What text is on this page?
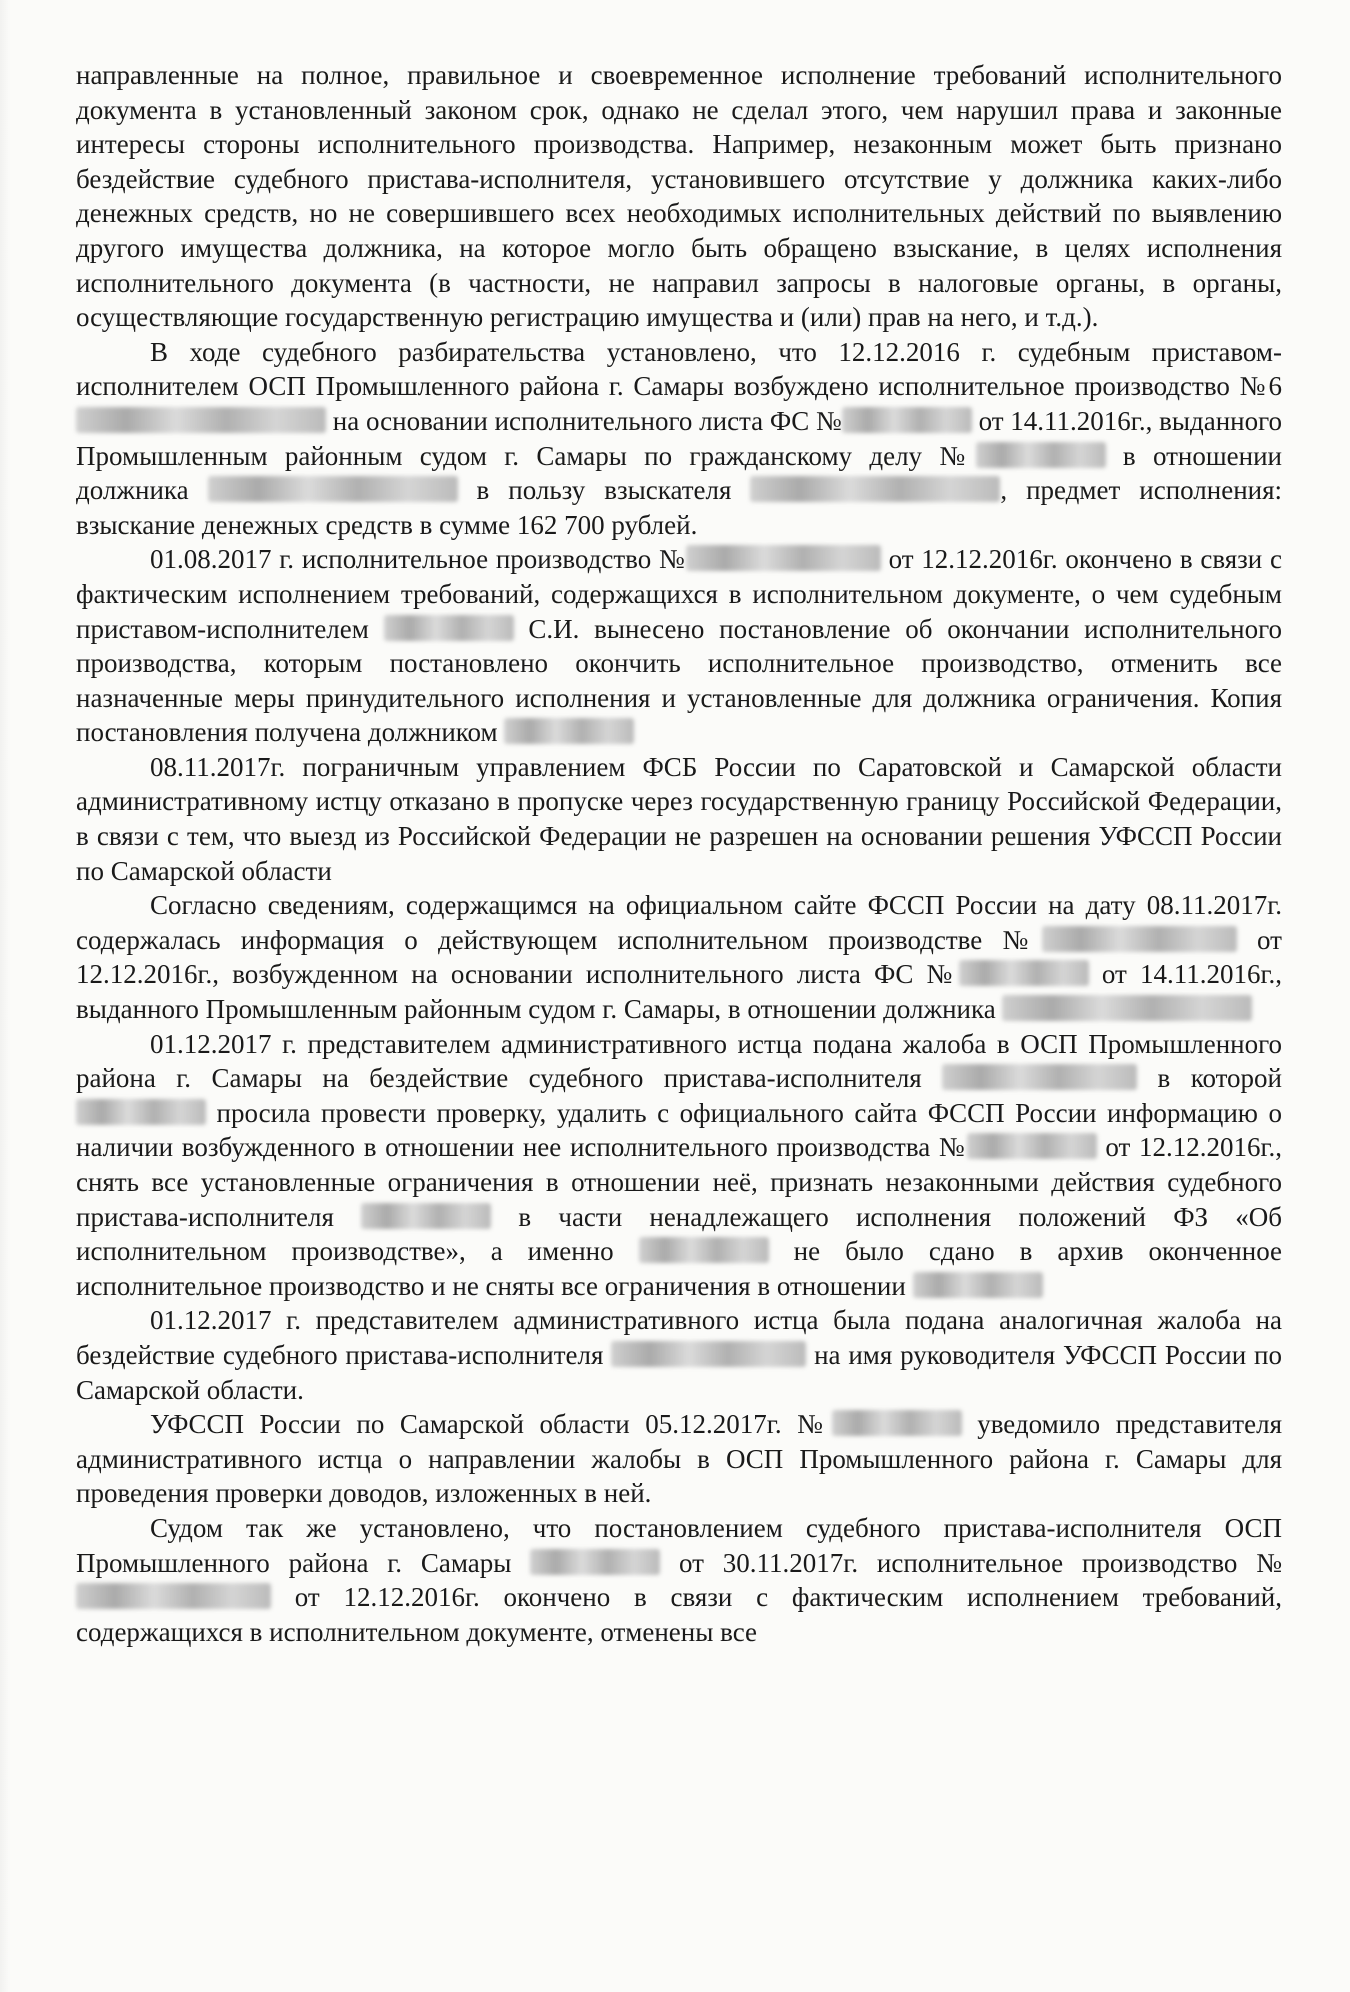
направленные на полное, правильное и своевременное исполнение требований исполнительного документа в установленный законом срок, однако не сделал этого, чем нарушил права и законные интересы стороны исполнительного производства. Например, незаконным может быть признано бездействие судебного пристава-исполнителя, установившего отсутствие у должника каких-либо денежных средств, но не совершившего всех необходимых исполнительных действий по выявлению другого имущества должника, на которое могло быть обращено взыскание, в целях исполнения исполнительного документа (в частности, не направил запросы в налоговые органы, в органы, осуществляющие государственную регистрацию имущества и (или) прав на него, и т.д.).

В ходе судебного разбирательства установлено, что 12.12.2016 г. судебным приставом-исполнителем ОСП Промышленного района г. Самары возбуждено исполнительное производство №6 на основании исполнительного листа ФС №	от 14.11.2016г., выданного Промышленным районным судом г. Самары по гражданскому делу №	в отношении должника	в пользу взыскателя	, предмет исполнения: взыскание денежных средств в сумме 162 700 рублей.

01.08.2017 г. исполнительное производство №	от 12.12.2016г. окончено в связи с фактическим исполнением требований, содержащихся в исполнительном документе, о чем судебным приставом-исполнителем	С.И. вынесено постановление об окончании исполнительного производства, которым постановлено окончить исполнительное производство, отменить все назначенные меры принудительного исполнения и установленные для должника ограничения. Копия постановления получена должником

08.11.2017г. пограничным управлением ФСБ России по Саратовской и Самарской области административному истцу отказано в пропуске через государственную границу Российской Федерации, в связи с тем, что выезд из Российской Федерации не разрешен на основании решения УФССП России по Самарской области

Согласно сведениям, содержащимся на официальном сайте ФССП России на дату 08.11.2017г. содержалась информация о действующем исполнительном производстве №	от 12.12.2016г., возбужденном на основании исполнительного листа ФС №	от 14.11.2016г., выданного Промышленным районным судом г. Самары, в отношении должника

01.12.2017 г. представителем административного истца подана жалоба в ОСП Промышленного района г. Самары на бездействие судебного пристава-исполнителя	в которой  просила провести проверку, удалить с официального сайта ФССП России информацию о наличии возбужденного в отношении нее исполнительного производства №	от 12.12.2016г., снять все установленные ограничения в отношении неё, признать незаконными действия судебного пристава-исполнителя	в части ненадлежащего исполнения положений ФЗ «Об исполнительном производстве», а именно	не было сдано в архив оконченное исполнительное производство и не сняты все ограничения в отношении

01.12.2017 г. представителем административного истца была подана аналогичная жалоба на бездействие судебного пристава-исполнителя	на имя руководителя УФССП России по Самарской области.

УФССП России по Самарской области 05.12.2017г. №	уведомило представителя административного истца о направлении жалобы в ОСП Промышленного района г. Самары для проведения проверки доводов, изложенных в ней.

Судом так же установлено, что постановлением судебного пристава-исполнителя ОСП Промышленного района г. Самары	от 30.11.2017г. исполнительное производство № от 12.12.2016г. окончено в связи с фактическим исполнением требований, содержащихся в исполнительном документе, отменены все
